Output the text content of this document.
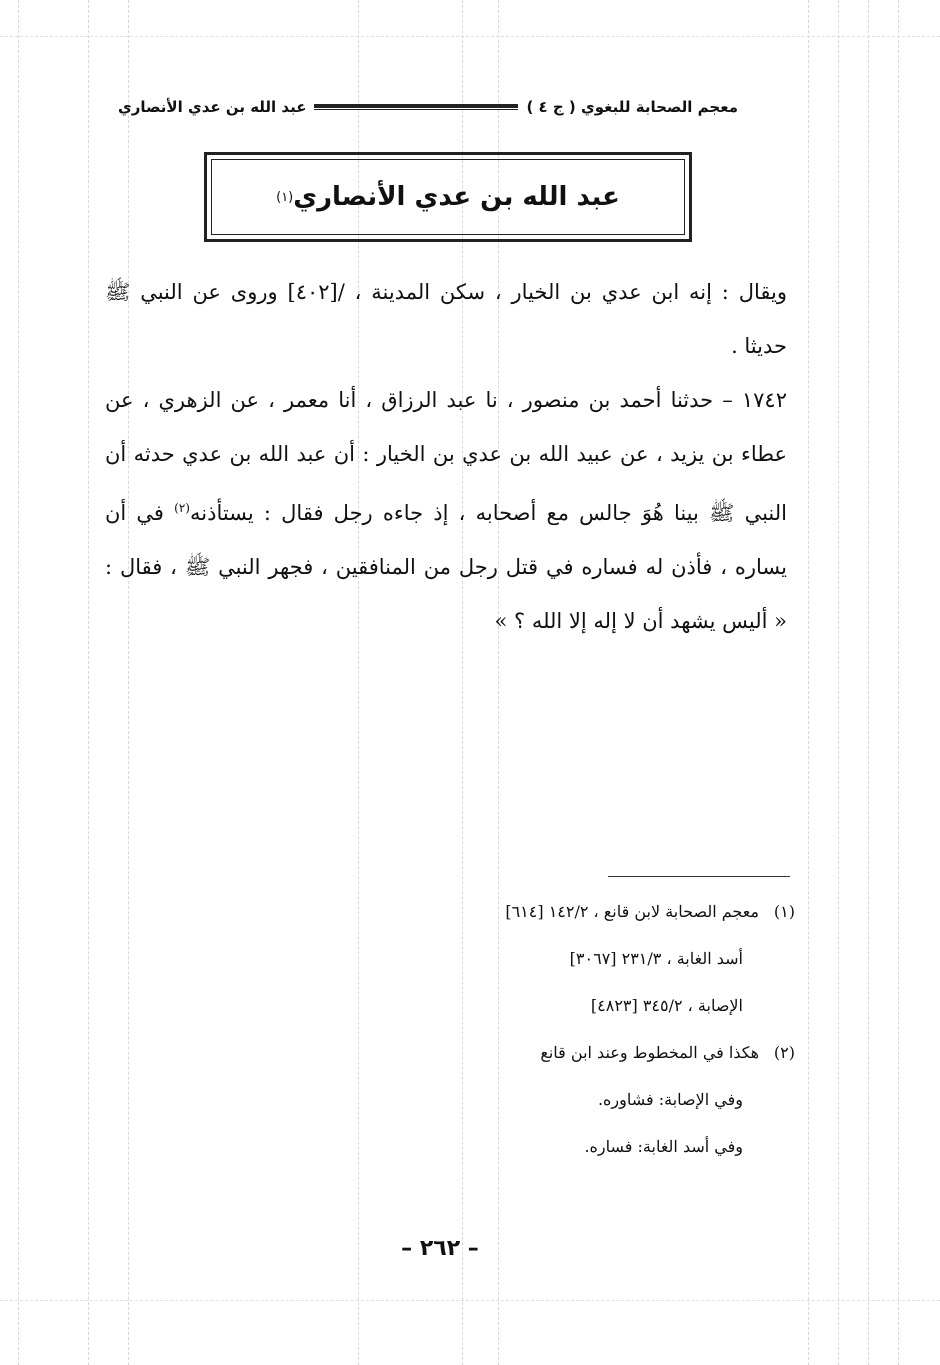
معجم الصحابة للبغوي ( ج ٤ )
عبد الله بن عدي الأنصاري
عبد الله بن عدي الأنصاري
(١)

ويقال : إنه ابن عدي بن الخيار ، سكن المدينة ، /[٤٠٢] وروى عن النبي ﷺ حديثا .

١٧٤٢ – حدثنا أحمد بن منصور ، نا عبد الرزاق ، أنا معمر ، عن الزهري ، عن عطاء بن يزيد ، عن عبيد الله بن عدي بن الخيار : أن عبد الله بن عدي حدثه أن النبي ﷺ بينا هُوَ جالس مع أصحابه ، إذ جاءه رجل فقال : يستأذنه$^{(٢)}$ في أن يساره ، فأذن له فساره في قتل رجل من المنافقين ، فجهر النبي ﷺ ، فقال : « أليس يشهد أن لا إله إلا الله ؟ »

(١)معجم الصحابة لابن قانع ، ١٤٢/٢ [٦١٤]

أسد الغابة ، ٢٣١/٣ [٣٠٦٧]

الإصابة ، ٣٤٥/٢ [٤٨٢٣]

(٢)هكذا في المخطوط وعند ابن قانع

وفي الإصابة: فشاوره.

وفي أسد الغابة: فساره.

– ٢٦٢ –
